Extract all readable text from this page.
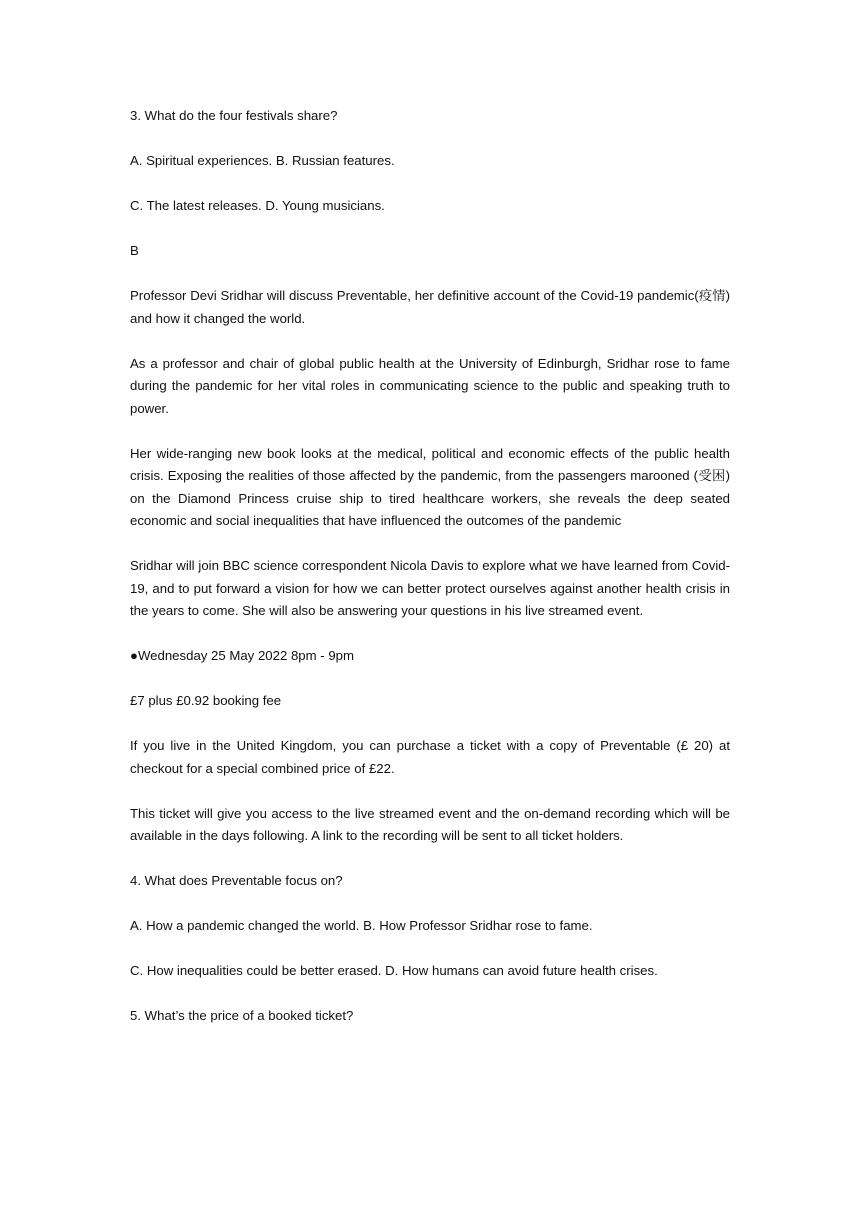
3. What do the four festivals share?

A. Spiritual experiences. B. Russian features.

C. The latest releases. D. Young musicians.

B

Professor Devi Sridhar will discuss Preventable, her definitive account of the Covid-19 pandemic(疫情) and how it changed the world.

As a professor and chair of global public health at the University of Edinburgh, Sridhar rose to fame during the pandemic for her vital roles in communicating science to the public and speaking truth to power.

Her wide-ranging new book looks at the medical, political and economic effects of the public health crisis. Exposing the realities of those affected by the pandemic, from the passengers marooned (受困) on the Diamond Princess cruise ship to tired healthcare workers, she reveals the deep seated economic and social inequalities that have influenced the outcomes of the pandemic

Sridhar will join BBC science correspondent Nicola Davis to explore what we have learned from Covid-19, and to put forward a vision for how we can better protect ourselves against another health crisis in the years to come. She will also be answering your questions in his live streamed event.

●Wednesday 25 May 2022 8pm - 9pm

£7 plus £0.92 booking fee

If you live in the United Kingdom, you can purchase a ticket with a copy of Preventable (£ 20) at checkout for a special combined price of £22.

This ticket will give you access to the live streamed event and the on-demand recording which will be available in the days following. A link to the recording will be sent to all ticket holders.

4. What does Preventable focus on?

A. How a pandemic changed the world. B. How Professor Sridhar rose to fame.

C. How inequalities could be better erased. D. How humans can avoid future health crises.

5. What’s the price of a booked ticket?
